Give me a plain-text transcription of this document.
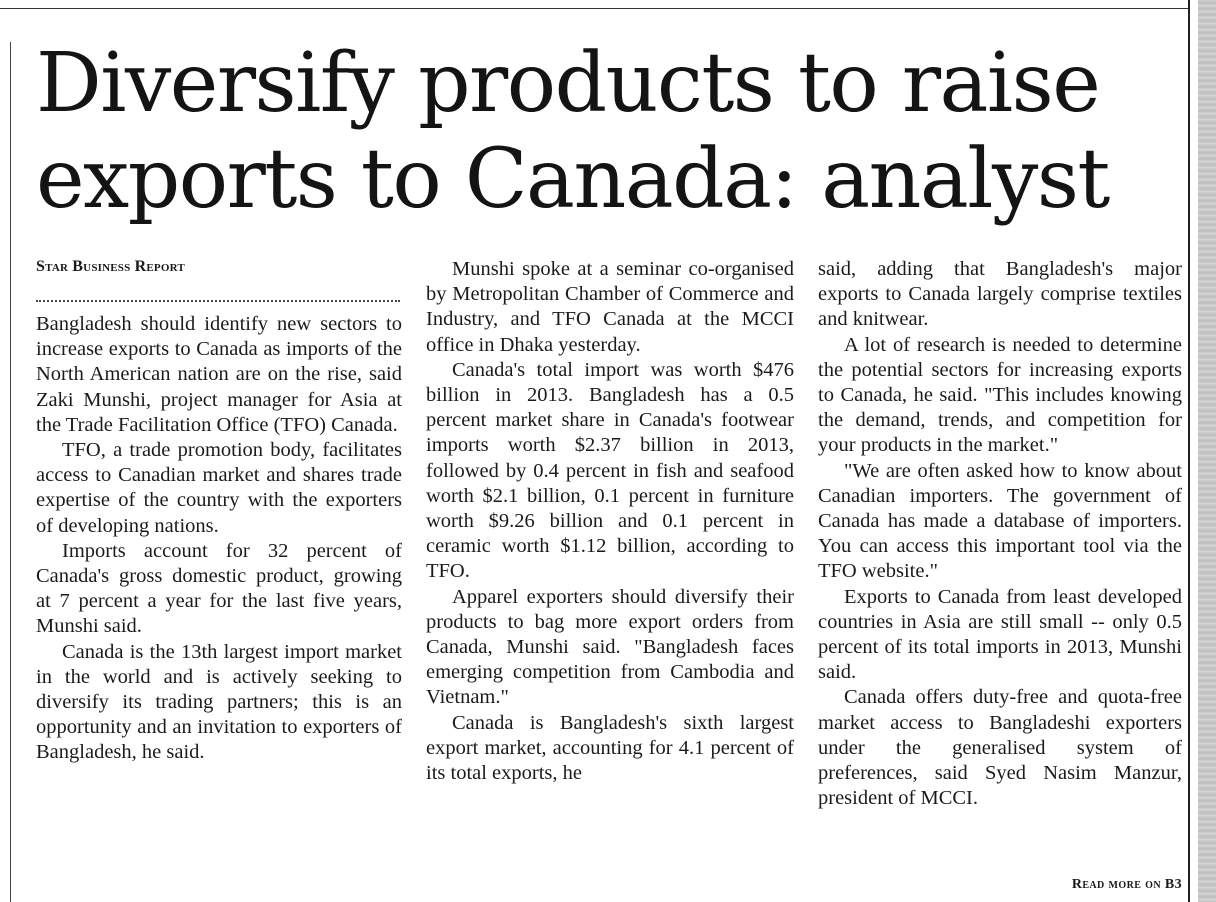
Diversify products to raise
exports to Canada: analyst
Star Business Report

Bangladesh should identify new sectors to increase exports to Canada as imports of the North American nation are on the rise, said Zaki Munshi, project manager for Asia at the Trade Facilitation Office (TFO) Canada.

TFO, a trade promotion body, facilitates access to Canadian market and shares trade expertise of the country with the exporters of developing nations.

Imports account for 32 percent of Canada's gross domestic product, growing at 7 percent a year for the last five years, Munshi said.

Canada is the 13th largest import market in the world and is actively seeking to diversify its trading partners; this is an opportunity and an invitation to exporters of Bangladesh, he said.

Munshi spoke at a seminar co-organised by Metropolitan Chamber of Commerce and Industry, and TFO Canada at the MCCI office in Dhaka yesterday.

Canada's total import was worth $476 billion in 2013. Bangladesh has a 0.5 percent market share in Canada's footwear imports worth $2.37 billion in 2013, followed by 0.4 percent in fish and seafood worth $2.1 billion, 0.1 percent in furniture worth $9.26 billion and 0.1 percent in ceramic worth $1.12 billion, according to TFO.

Apparel exporters should diversify their products to bag more export orders from Canada, Munshi said. "Bangladesh faces emerging competition from Cambodia and Vietnam."

Canada is Bangladesh's sixth largest export market, accounting for 4.1 percent of its total exports, he

said, adding that Bangladesh's major exports to Canada largely comprise textiles and knitwear.

A lot of research is needed to determine the potential sectors for increasing exports to Canada, he said. "This includes knowing the demand, trends, and competition for your products in the market."

"We are often asked how to know about Canadian importers. The government of Canada has made a database of importers. You can access this important tool via the TFO website."

Exports to Canada from least developed countries in Asia are still small -- only 0.5 percent of its total imports in 2013, Munshi said.

Canada offers duty-free and quota-free market access to Bangladeshi exporters under the generalised system of preferences, said Syed Nasim Manzur, president of MCCI.

Read more on B3
